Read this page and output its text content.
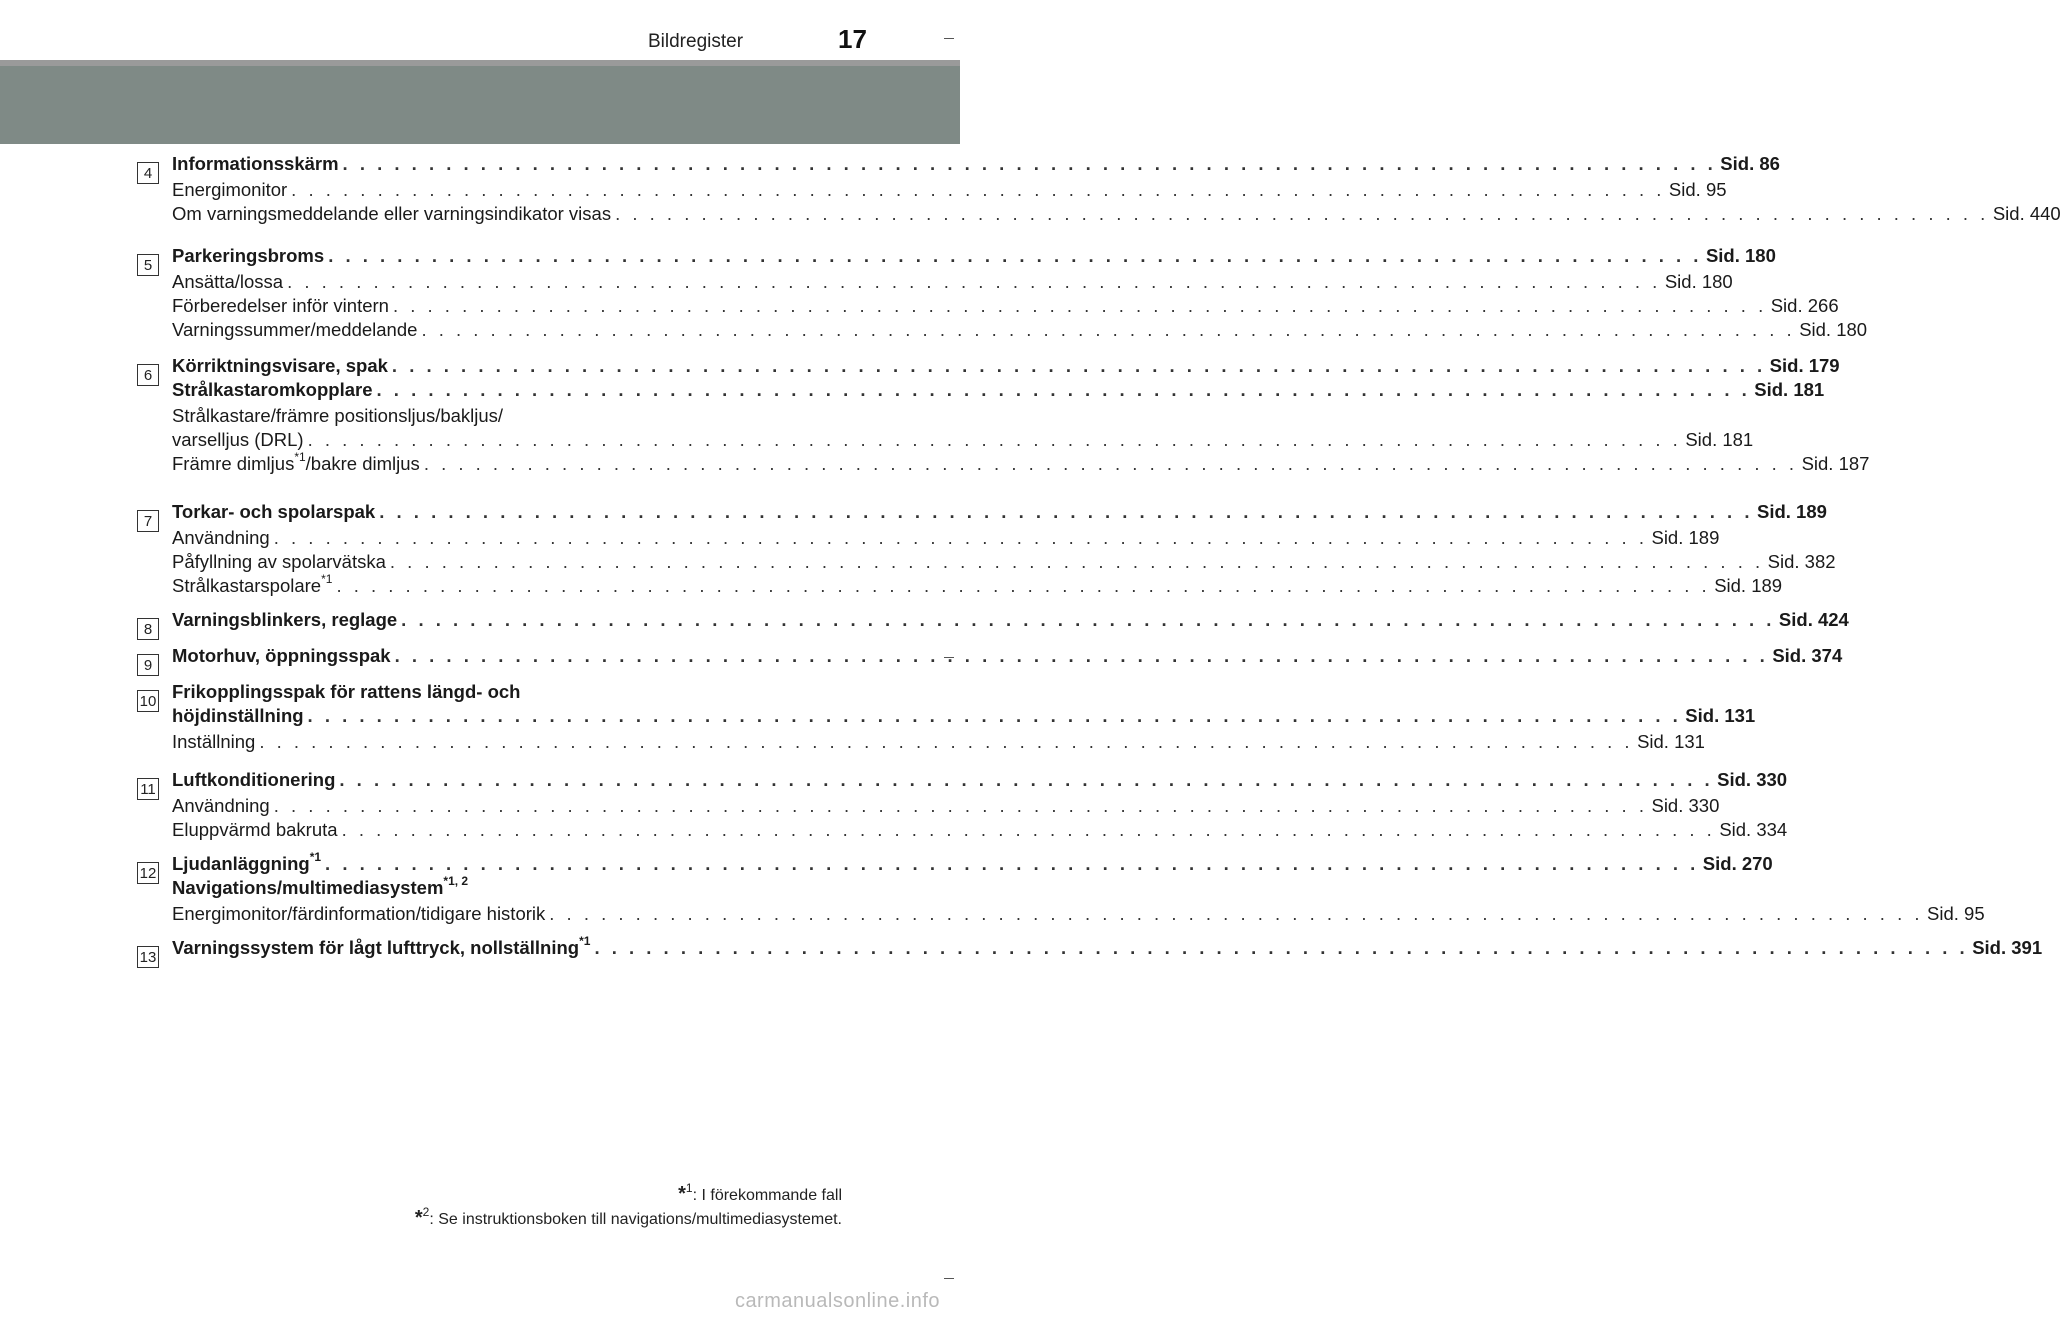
Bildregister	17
4	Informationsskärm . . . . . . . . . . . . . . . . . . . . . . . . . . . . . . . . . . . . . . . . . . . . . . . . . . . . . . . . . . . . . . . . . . . . . . . . . . . . . . . . Sid. 86
Energimonitor . . . . . . . . . . . . . . . . . . . . . . . . . . . . . . . . . . . . . . . . . . . . . . . . . . . . . . . . . . . . . . . . . . . . . . . . . . . . . . . . Sid. 95
Om varningsmeddelande eller varningsindikator visas . . . . . . . . . . . . . . . . . . . . . . . . . . . . . . . . . . . . . . . . . . . . . . . . . . . . . . . . . . . . . . . . . . . . . . . . . . . . . . . . Sid. 440
5	Parkeringsbroms . . . . . . . . . . . . . . . . . . . . . . . . . . . . . . . . . . . . . . . . . . . . . . . . . . . . . . . . . . . . . . . . . . . . . . . . . . . . . . . . Sid. 180
Ansätta/lossa . . . . . . . . . . . . . . . . . . . . . . . . . . . . . . . . . . . . . . . . . . . . . . . . . . . . . . . . . . . . . . . . . . . . . . . . . . . . . . . . Sid. 180
Förberedelser inför vintern . . . . . . . . . . . . . . . . . . . . . . . . . . . . . . . . . . . . . . . . . . . . . . . . . . . . . . . . . . . . . . . . . . . . . . . . . . . . . . . . Sid. 266
Varningssummer/meddelande . . . . . . . . . . . . . . . . . . . . . . . . . . . . . . . . . . . . . . . . . . . . . . . . . . . . . . . . . . . . . . . . . . . . . . . . . . . . . . . . Sid. 180
6	Körriktningsvisare, spak . . . . . . . . . . . . . . . . . . . . . . . . . . . . . . . . . . . . . . . . . . . . . . . . . . . . . . . . . . . . . . . . . . . . . . . . . . . . . . . . Sid. 179
Strålkastaromkopplare . . . . . . . . . . . . . . . . . . . . . . . . . . . . . . . . . . . . . . . . . . . . . . . . . . . . . . . . . . . . . . . . . . . . . . . . . . . . . . . . Sid. 181
Strålkastare/främre positionsljus/bakljus/
varselljus (DRL) . . . . . . . . . . . . . . . . . . . . . . . . . . . . . . . . . . . . . . . . . . . . . . . . . . . . . . . . . . . . . . . . . . . . . . . . . . . . . . . . Sid. 181
Främre dimljus$^{*1}$/bakre dimljus . . . . . . . . . . . . . . . . . . . . . . . . . . . . . . . . . . . . . . . . . . . . . . . . . . . . . . . . . . . . . . . . . . . . . . . . . . . . . . . . Sid. 187
7	Torkar- och spolarspak . . . . . . . . . . . . . . . . . . . . . . . . . . . . . . . . . . . . . . . . . . . . . . . . . . . . . . . . . . . . . . . . . . . . . . . . . . . . . . . . Sid. 189
Användning . . . . . . . . . . . . . . . . . . . . . . . . . . . . . . . . . . . . . . . . . . . . . . . . . . . . . . . . . . . . . . . . . . . . . . . . . . . . . . . . Sid. 189
Påfyllning av spolarvätska . . . . . . . . . . . . . . . . . . . . . . . . . . . . . . . . . . . . . . . . . . . . . . . . . . . . . . . . . . . . . . . . . . . . . . . . . . . . . . . . Sid. 382
Strålkastarspolare$^{*1}$ . . . . . . . . . . . . . . . . . . . . . . . . . . . . . . . . . . . . . . . . . . . . . . . . . . . . . . . . . . . . . . . . . . . . . . . . . . . . . . . . Sid. 189
8	Varningsblinkers, reglage . . . . . . . . . . . . . . . . . . . . . . . . . . . . . . . . . . . . . . . . . . . . . . . . . . . . . . . . . . . . . . . . . . . . . . . . . . . . . . . . Sid. 424
9	Motorhuv, öppningsspak . . . . . . . . . . . . . . . . . . . . . . . . . . . . . . . . . . . . . . . . . . . . . . . . . . . . . . . . . . . . . . . . . . . . . . . . . . . . . . . . Sid. 374
10 Frikopplingsspak för rattens längd- och
höjdinställning . . . . . . . . . . . . . . . . . . . . . . . . . . . . . . . . . . . . . . . . . . . . . . . . . . . . . . . . . . . . . . . . . . . . . . . . . . . . . . . . Sid. 131
Inställning . . . . . . . . . . . . . . . . . . . . . . . . . . . . . . . . . . . . . . . . . . . . . . . . . . . . . . . . . . . . . . . . . . . . . . . . . . . . . . . . Sid. 131
11 Luftkonditionering . . . . . . . . . . . . . . . . . . . . . . . . . . . . . . . . . . . . . . . . . . . . . . . . . . . . . . . . . . . . . . . . . . . . . . . . . . . . . . . . Sid. 330
Användning . . . . . . . . . . . . . . . . . . . . . . . . . . . . . . . . . . . . . . . . . . . . . . . . . . . . . . . . . . . . . . . . . . . . . . . . . . . . . . . . Sid. 330
Eluppvärmd bakruta . . . . . . . . . . . . . . . . . . . . . . . . . . . . . . . . . . . . . . . . . . . . . . . . . . . . . . . . . . . . . . . . . . . . . . . . . . . . . . . . Sid. 334
12 Ljudanläggning$^{*1}$ . . . . . . . . . . . . . . . . . . . . . . . . . . . . . . . . . . . . . . . . . . . . . . . . . . . . . . . . . . . . . . . . . . . . . . . . . . . . . . . . Sid. 270
Navigations/multimediasystem$^{*1, 2}$
Energimonitor/färdinformation/tidigare historik . . . . . . . . . . . . . . . . . . . . . . . . . . . . . . . . . . . . . . . . . . . . . . . . . . . . . . . . . . . . . . . . . . . . . . . . . . . . . . . . Sid. 95
13 Varningssystem för lågt lufttryck, nollställning$^{*1}$ . . . . . . . . . . . . . . . . . . . . . . . . . . . . . . . . . . . . . . . . . . . . . . . . . . . . . . . . . . . . . . . . . . . . . . . . . . . . . . . . Sid. 391
*$^1$: I förekommande fall
*$^2$: Se instruktionsboken till navigations/multimediasystemet.
carmanualsonline.info
